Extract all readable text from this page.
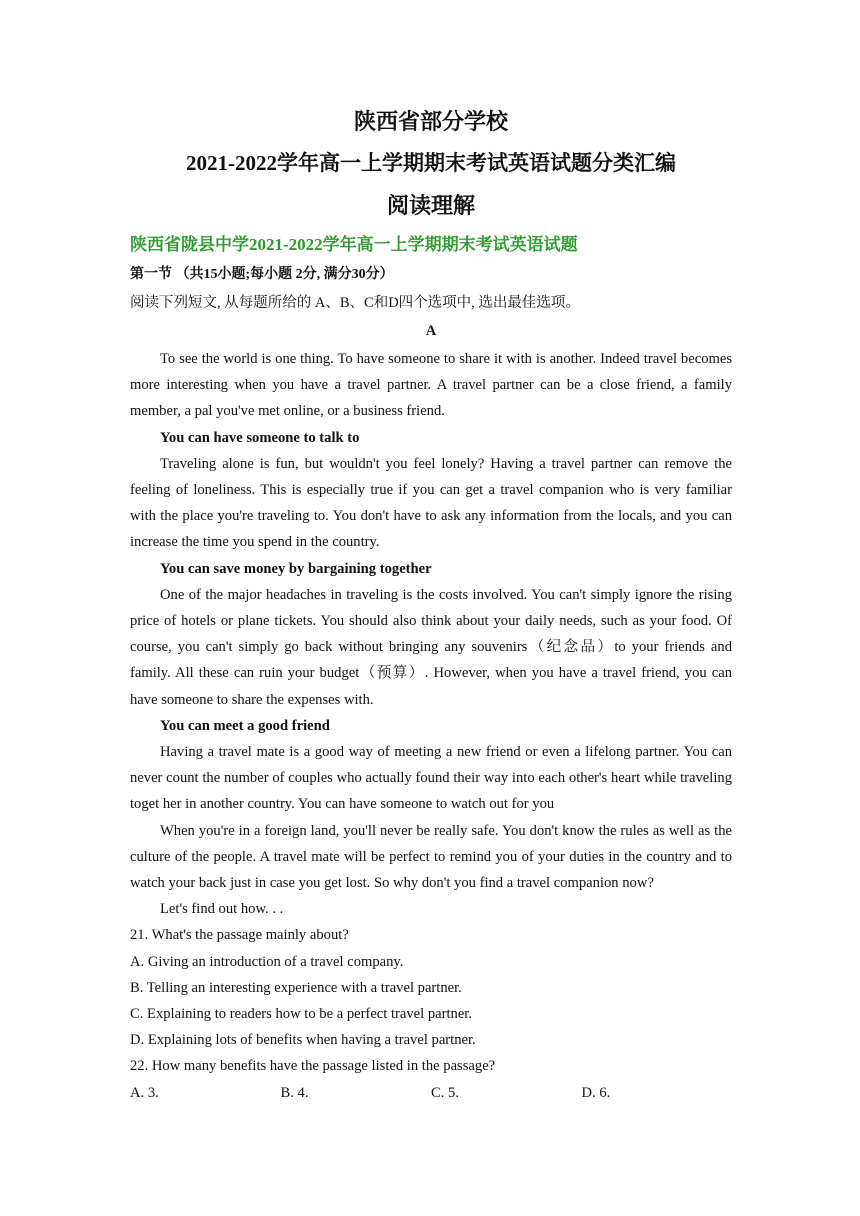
陕西省部分学校
2021-2022学年高一上学期期末考试英语试题分类汇编
阅读理解
陕西省陇县中学2021-2022学年高一上学期期末考试英语试题
第一节 （共15小题;每小题 2分, 满分30分）
阅读下列短文, 从每题所给的 A、B、C和D四个选项中, 选出最佳选项。
A

To see the world is one thing. To have someone to share it with is another. Indeed travel becomes more interesting when you have a travel partner. A travel partner can be a close friend, a family member, a pal you've met online, or a business friend.

You can have someone to talk to

Traveling alone is fun, but wouldn't you feel lonely? Having a travel partner can remove the feeling of loneliness. This is especially true if you can get a travel companion who is very familiar with the place you're traveling to. You don't have to ask any information from the locals, and you can increase the time you spend in the country.

You can save money by bargaining together

One of the major headaches in traveling is the costs involved. You can't simply ignore the rising price of hotels or plane tickets. You should also think about your daily needs, such as your food. Of course, you can't simply go back without bringing any souvenirs（纪念品）to your friends and family. All these can ruin your budget（预算）. However, when you have a travel friend, you can have someone to share the expenses with.

You can meet a good friend

Having a travel mate is a good way of meeting a new friend or even a lifelong partner. You can never count the number of couples who actually found their way into each other's heart while traveling toget her in another country. You can have someone to watch out for you

When you're in a foreign land, you'll never be really safe. You don't know the rules as well as the culture of the people. A travel mate will be perfect to remind you of your duties in the country and to watch your back just in case you get lost. So why don't you find a travel companion now?

Let's find out how. . .

21. What's the passage mainly about?

A. Giving an introduction of a travel company.

B. Telling an interesting experience with a travel partner.

C. Explaining to readers how to be a perfect travel partner.

D. Explaining lots of benefits when having a travel partner.

22. How many benefits have the passage listed in the passage?

A. 3.	B. 4.	C. 5.	D. 6.
